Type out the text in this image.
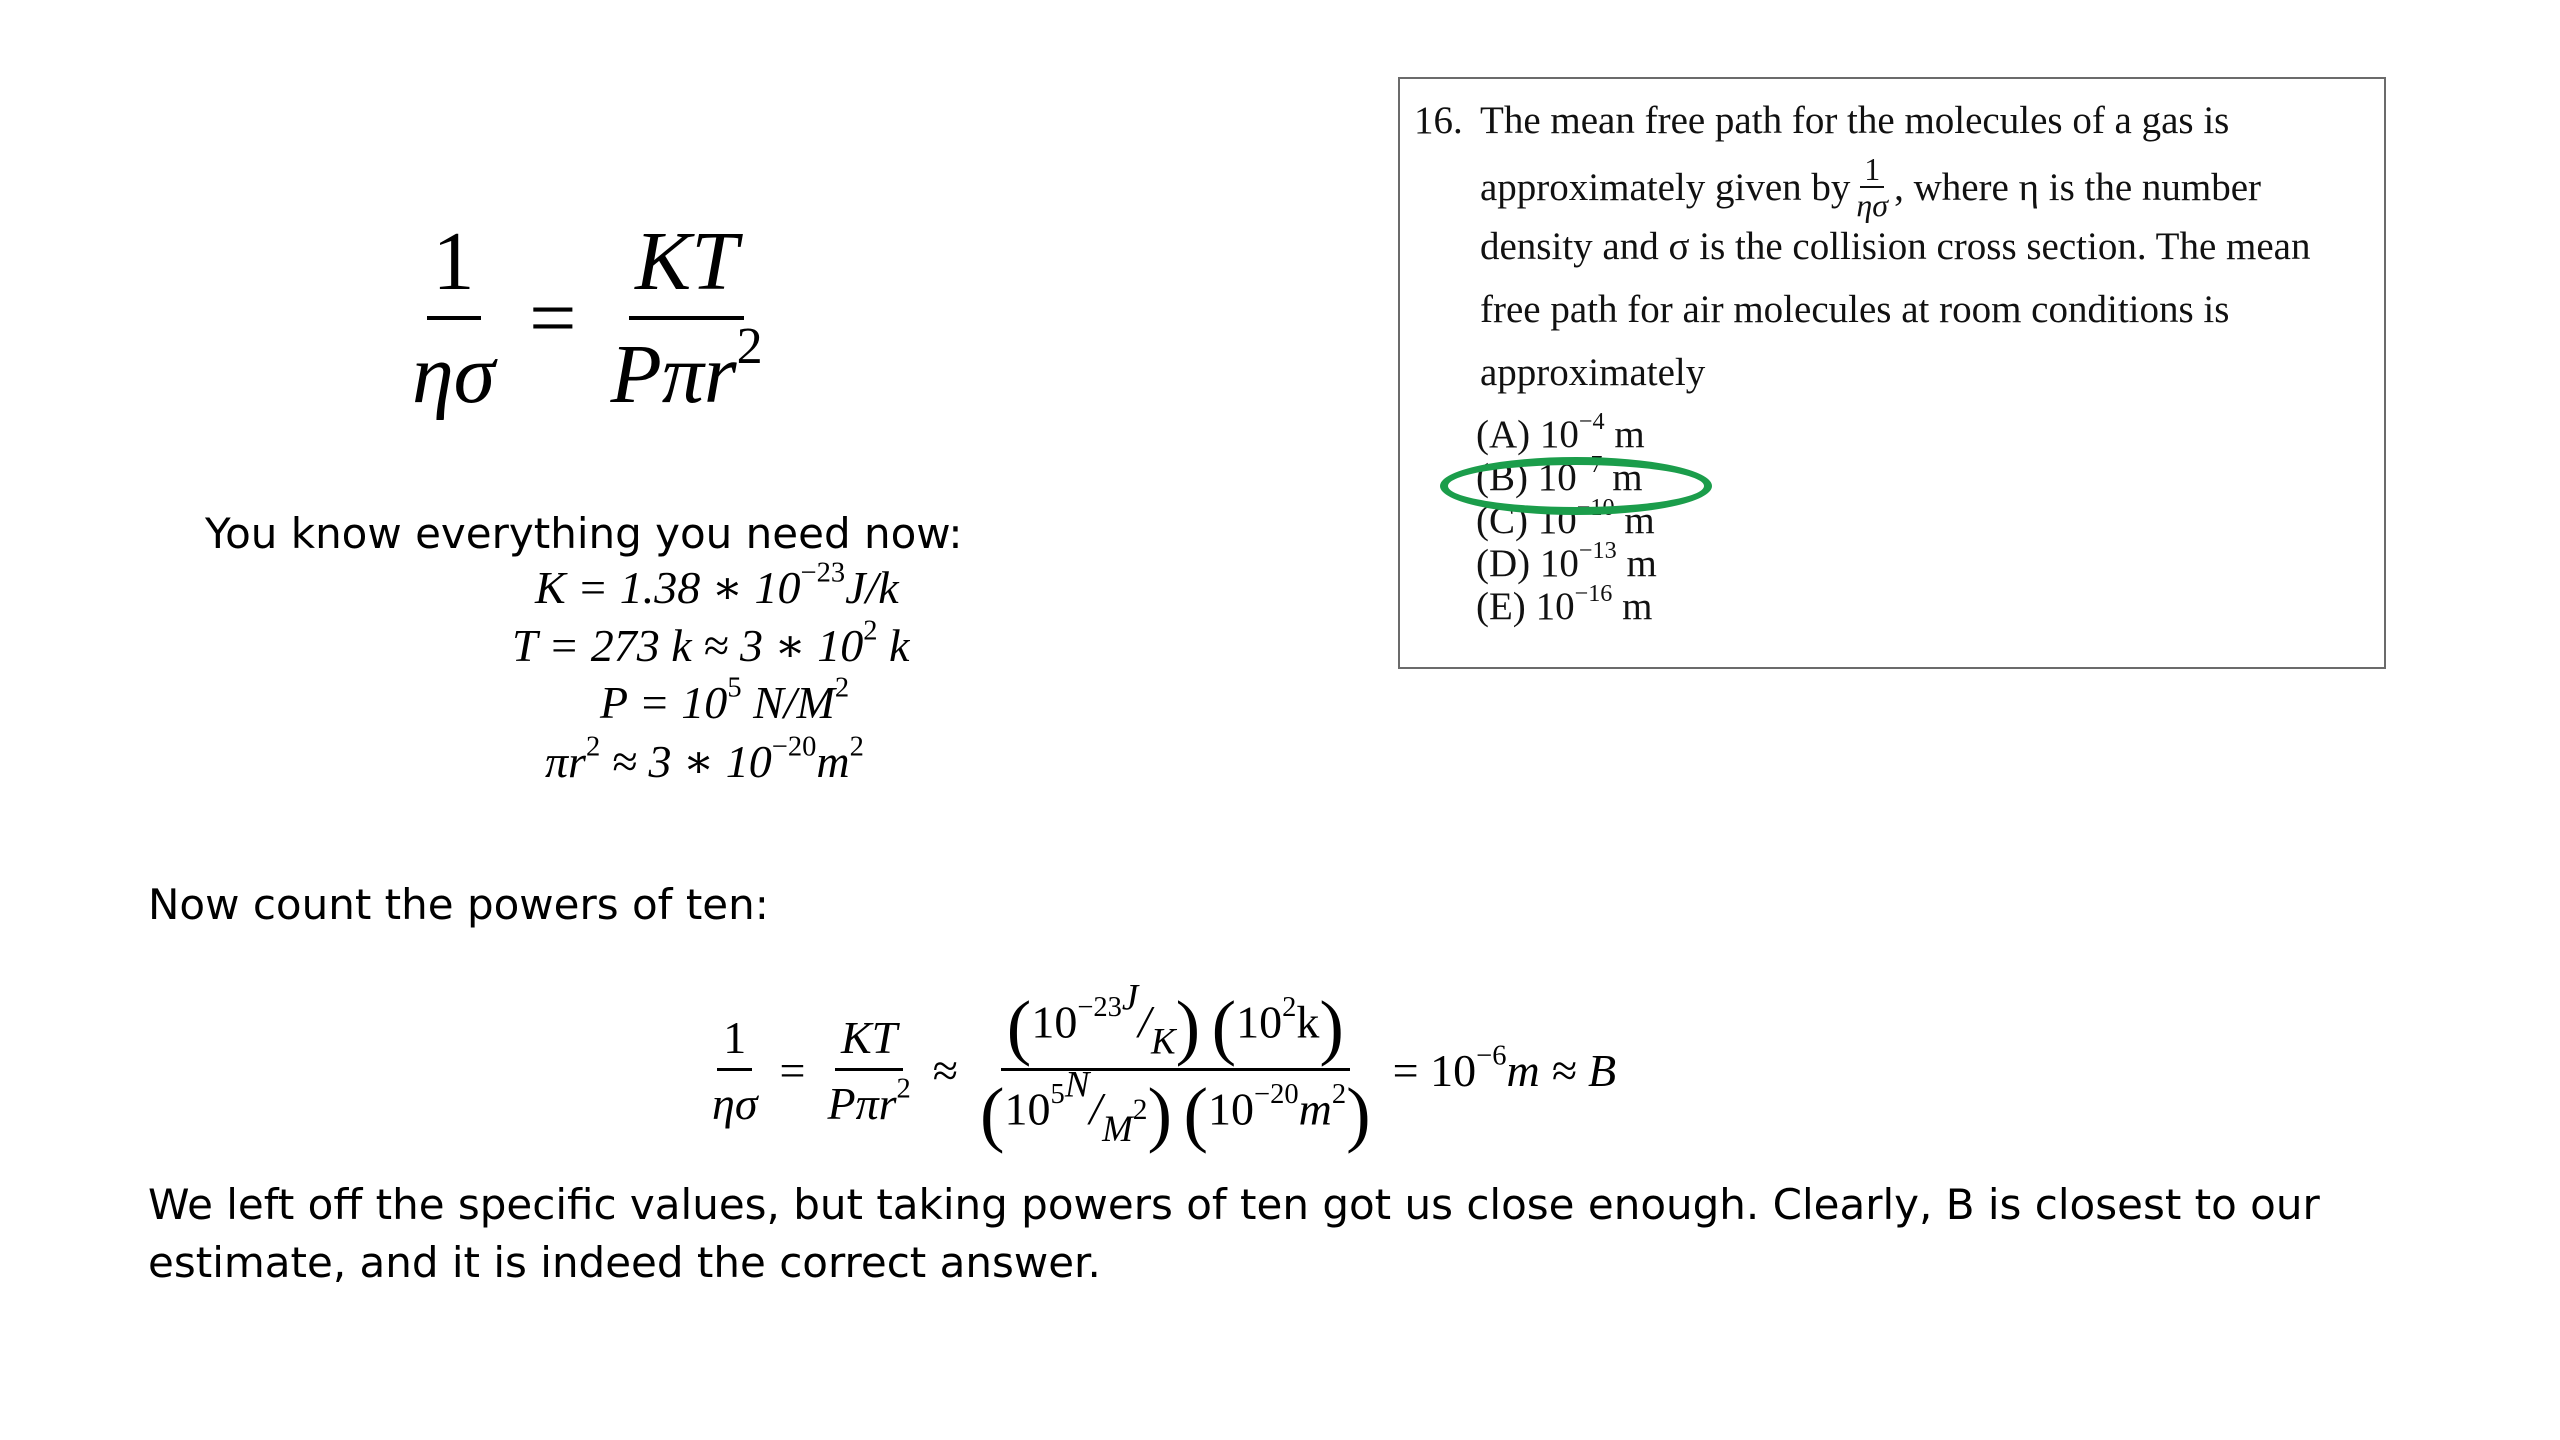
$\frac{1}{\eta\sigma} = \frac{KT}{P\pi r^2}$
You know everything you need now:
K = 1.38 ∗ $10^{-23}J/k$
T = 273 k ≈ 3 ∗ $10^2$ k
$P = 10^5$ $N/M^2$
$\pi r^2 \approx 3$ ∗ $10^{-20}m^2$
Now count the powers of ten:
$\frac{1}{\eta\sigma} = \frac{KT}{P\pi r^2} \approx \frac{(10^{-23J}/_K) (10^2k)}{(10^{5N}/_{M^2}) (10^{-20}m^2)} = 10^{-6}m \approx B$
We left off the specific values, but taking powers of ten got us close enough. Clearly, B is closest to our estimate, and it is indeed the correct answer.
16. The mean free path for the molecules of a gas is
approximately given by $\frac{1}{\eta\sigma}$ , where η is the number
density and σ is the collision cross section. The mean
free path for air molecules at room conditions is
approximately
(A) $10^{-4}$ m
(B) $10^{-7}$ m
(C) $10^{-10}$ m
(D) $10^{-13}$ m
(E) $10^{-16}$ m
